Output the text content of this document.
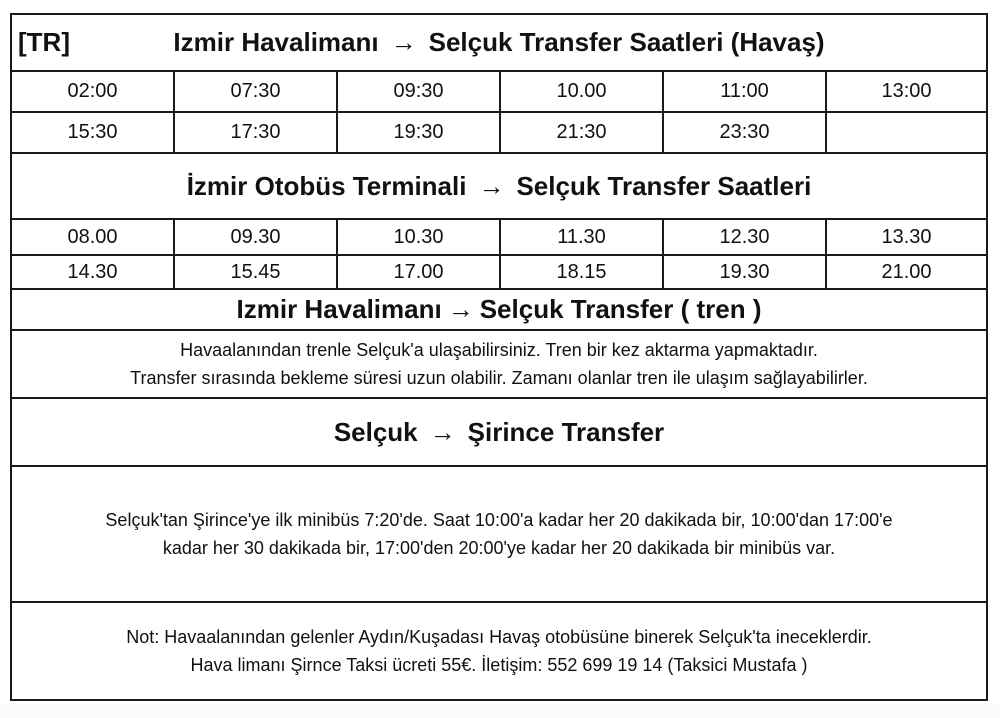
[TR]	Izmir Havalimanı → Selçuk Transfer Saatleri (Havaş)
02:00	07:30	09:30	10.00	11:00	13:00
15:30	17:30	19:30	21:30	23:30
İzmir Otobüs Terminali → Selçuk Transfer Saatleri
08.00	09.30	10.30	11.30	12.30	13.30
14.30	15.45	17.00	18.15	19.30	21.00
Izmir Havalimanı → Selçuk Transfer ( tren )
Havaalanından trenle Selçuk'a ulaşabilirsiniz. Tren bir kez aktarma yapmaktadır.
Transfer sırasında bekleme süresi uzun olabilir. Zamanı olanlar tren ile ulaşım sağlayabilirler.
Selçuk → Şirince Transfer
Selçuk'tan Şirince'ye ilk minibüs 7:20'de. Saat 10:00'a kadar her 20 dakikada bir, 10:00'dan 17:00'e
kadar her 30 dakikada bir, 17:00'den 20:00'ye kadar her 20 dakikada bir minibüs var.
Not: Havaalanından gelenler Aydın/Kuşadası Havaş otobüsüne binerek Selçuk'ta ineceklerdir.
Hava limanı Şirnce Taksi ücreti 55€. İletişim: 552 699 19 14 (Taksici Mustafa )
